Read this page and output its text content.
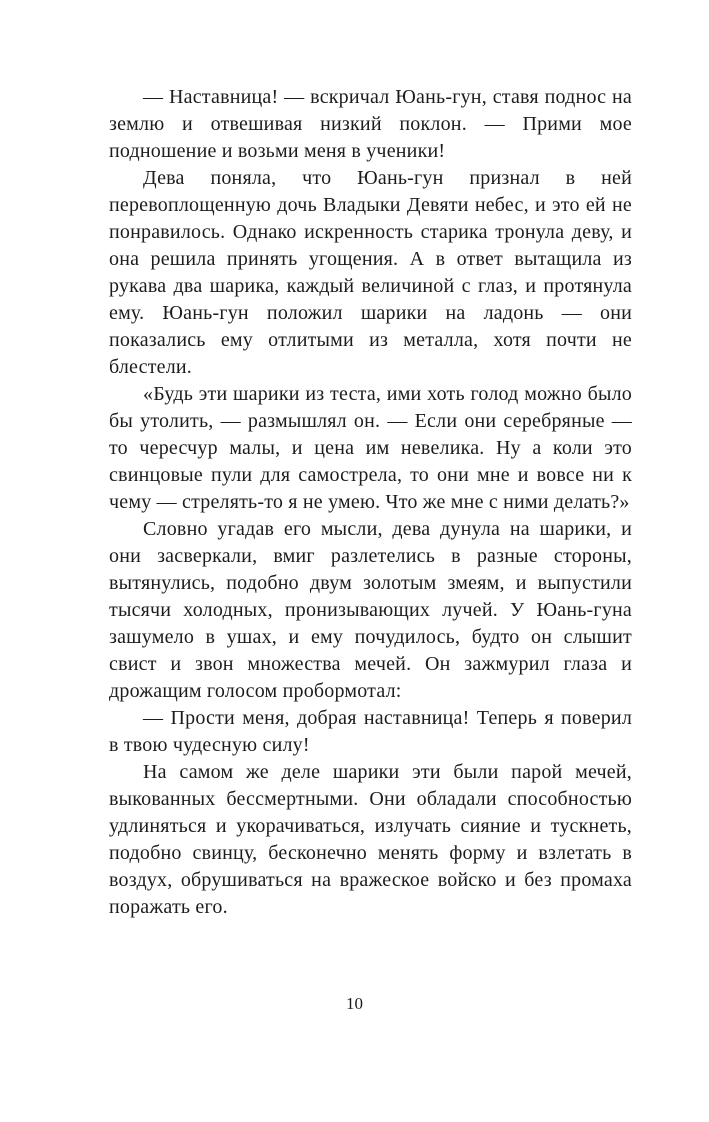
— Наставница! — вскричал Юань-гун, ставя поднос на землю и отвешивая низкий поклон. — Прими мое подношение и возьми меня в ученики!

Дева поняла, что Юань-гун признал в ней перевоплощенную дочь Владыки Девяти небес, и это ей не понравилось. Однако искренность старика тронула деву, и она решила принять угощения. А в ответ вытащила из рукава два шарика, каждый величиной с глаз, и протянула ему. Юань-гун положил шарики на ладонь — они показались ему отлитыми из металла, хотя почти не блестели.

«Будь эти шарики из теста, ими хоть голод можно было бы утолить, — размышлял он. — Если они серебряные — то чересчур малы, и цена им невелика. Ну а коли это свинцовые пули для самострела, то они мне и вовсе ни к чему — стрелять-то я не умею. Что же мне с ними делать?»

Словно угадав его мысли, дева дунула на шарики, и они засверкали, вмиг разлетелись в разные стороны, вытянулись, подобно двум золотым змеям, и выпустили тысячи холодных, пронизывающих лучей. У Юань-гуна зашумело в ушах, и ему почудилось, будто он слышит свист и звон множества мечей. Он зажмурил глаза и дрожащим голосом пробормотал:

— Прости меня, добрая наставница! Теперь я поверил в твою чудесную силу!

На самом же деле шарики эти были парой мечей, выкованных бессмертными. Они обладали способностью удлиняться и укорачиваться, излучать сияние и тускнеть, подобно свинцу, бесконечно менять форму и взлетать в воздух, обрушиваться на вражеское войско и без промаха поражать его.

10
